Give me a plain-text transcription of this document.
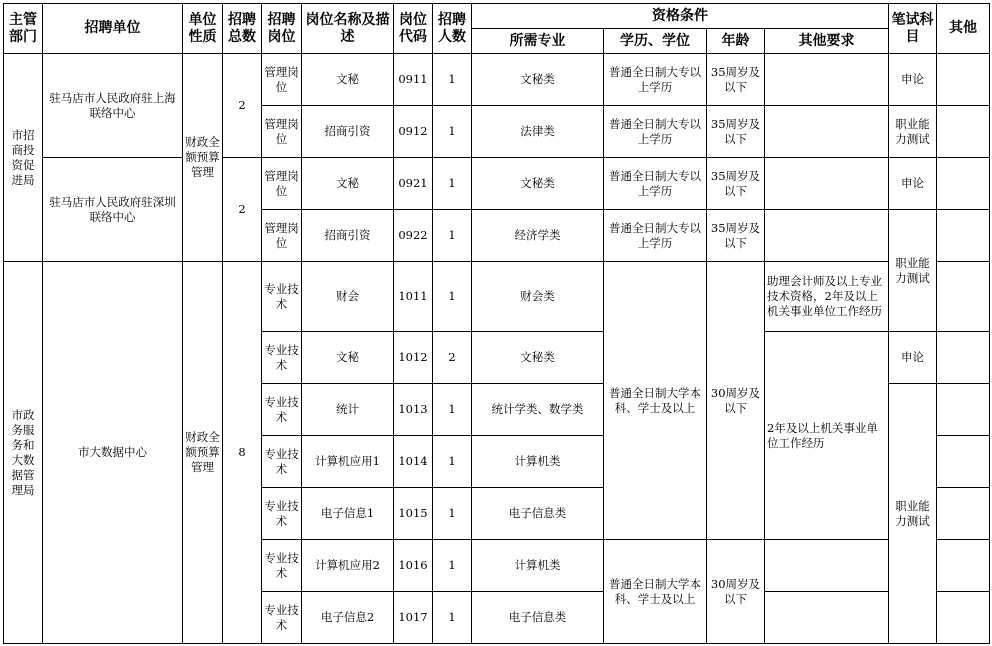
主管部门	招聘单位	单位性质	招聘总数	招聘岗位	岗位名称及描述	岗位代码	招聘人数	资格条件				笔试科目	其他
								所需专业	学历、学位	年龄	其他要求		
市招商投资促进局	驻马店市人民政府驻上海联络中心	财政全额预算管理	2	管理岗位	文秘	0911	1	文秘类	普通全日制大专以上学历	35周岁及以下		申论	
				管理岗位	招商引资	0912	1	法律类	普通全日制大专以上学历	35周岁及以下		职业能力测试	
	驻马店市人民政府驻深圳联络中心		2	管理岗位	文秘	0921	1	文秘类	普通全日制大专以上学历	35周岁及以下		申论	
				管理岗位	招商引资	0922	1	经济学类	普通全日制大专以上学历	35周岁及以下		职业能力测试	
市政务服务和大数据管理局	市大数据中心	财政全额预算管理	8	专业技术	财会	1011	1	财会类	普通全日制大学本科、学士及以上	30周岁及以下	助理会计师及以上专业技术资格，2年及以上机关事业单位工作经历		
				专业技术	文秘	1012	2	文秘类			2年及以上机关事业单位工作经历	申论	
				专业技术	统计	1013	1	统计学类、数学类				职业能力测试	
				专业技术	计算机应用1	1014	1	计算机类					
				专业技术	电子信息1	1015	1	电子信息类					
				专业技术	计算机应用2	1016	1	计算机类	普通全日制大学本科、学士及以上	30周岁及以下			
				专业技术	电子信息2	1017	1	电子信息类					
